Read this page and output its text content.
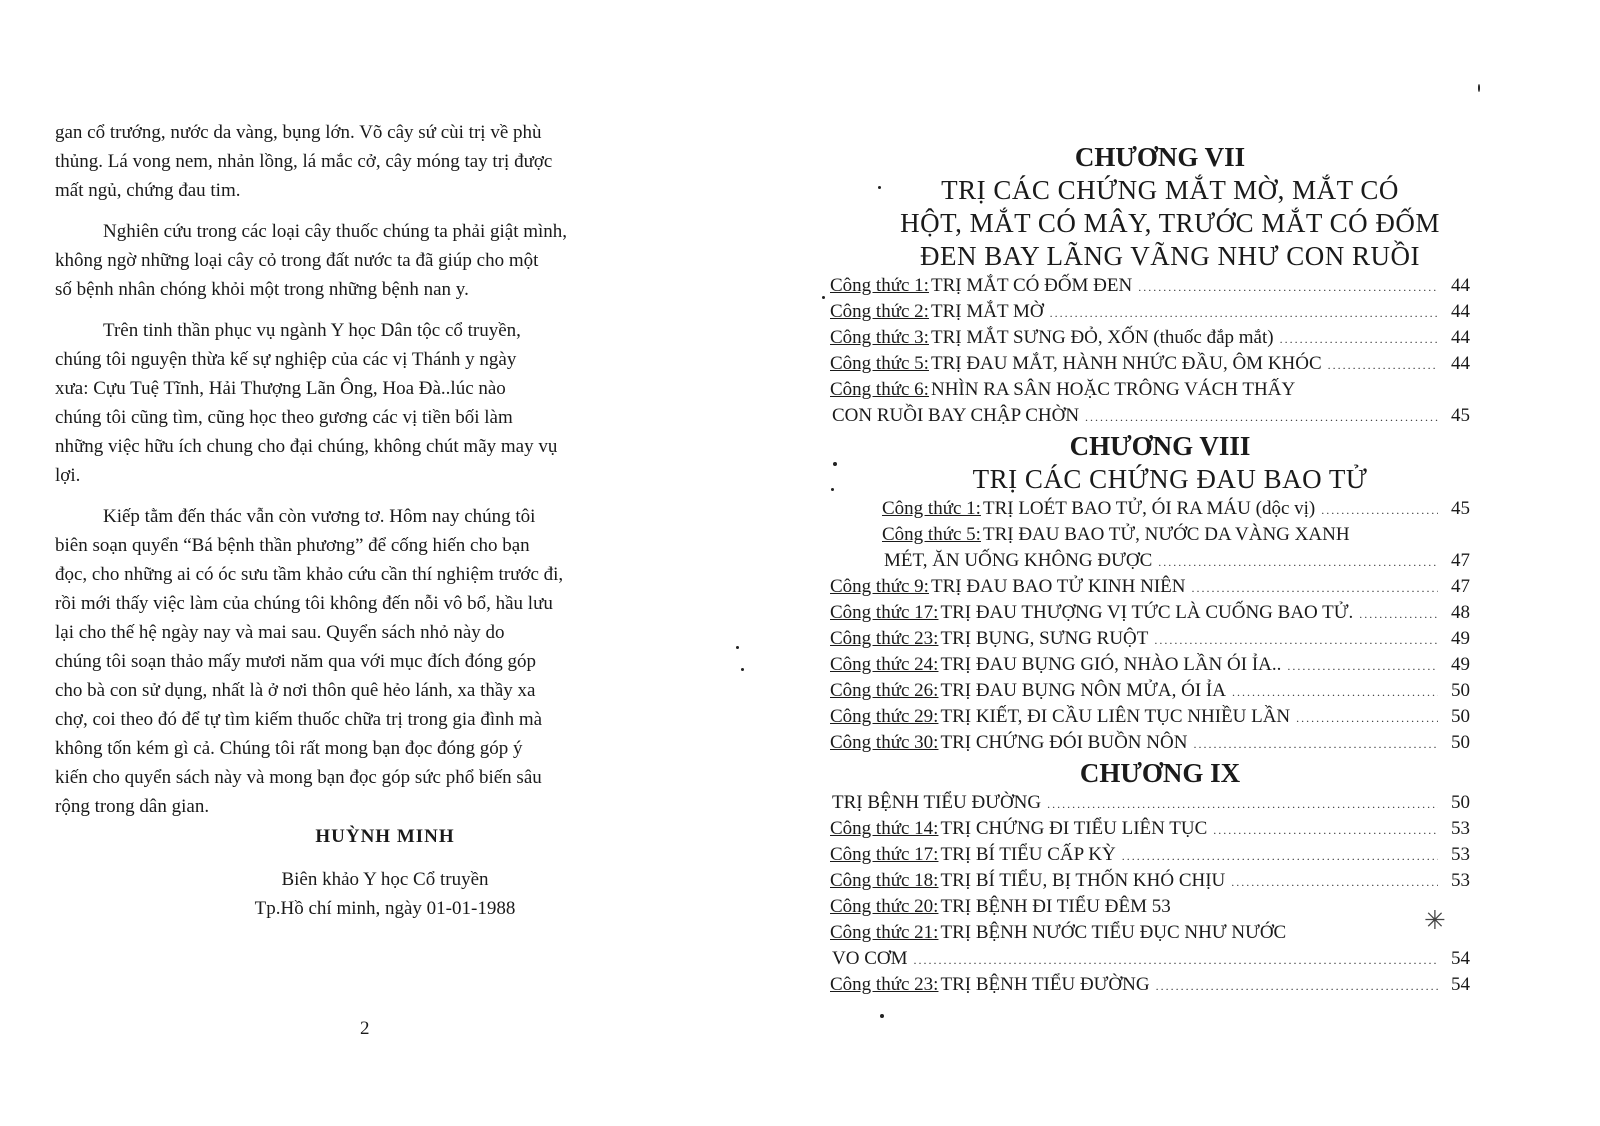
gan cổ trướng, nước da vàng, bụng lớn. Võ cây sứ cùi trị về phù
thủng. Lá vong nem, nhản lồng, lá mắc cở, cây móng tay trị được
mất ngủ, chứng đau tim.
Nghiên cứu trong các loại cây thuốc chúng ta phải giật mình,
không ngờ những loại cây cỏ trong đất nước ta đã giúp cho một
số bệnh nhân chóng khỏi một trong những bệnh nan y.
Trên tinh thần phục vụ ngành Y học Dân tộc cổ truyền,
chúng tôi nguyện thừa kế sự nghiệp của các vị Thánh y ngày
xưa: Cựu Tuệ Tĩnh, Hải Thượng Lãn Ông, Hoa Đà..lúc nào
chúng tôi cũng tìm, cũng học theo gương các vị tiền bối làm
những việc hữu ích chung cho đại chúng, không chút mãy may vụ
lợi.
Kiếp tằm đến thác vẫn còn vương tơ. Hôm nay chúng tôi
biên soạn quyển “Bá bệnh thần phương” để cống hiến cho bạn
đọc, cho những ai có óc sưu tầm khảo cứu cần thí nghiệm trước đi,
rồi mới thấy việc làm của chúng tôi không đến nỗi vô bổ, hầu lưu
lại cho thế hệ ngày nay và mai sau. Quyển sách nhỏ này do
chúng tôi soạn thảo mấy mươi năm qua với mục đích đóng góp
cho bà con sử dụng, nhất là ở nơi thôn quê hẻo lánh, xa thầy xa
chợ, coi theo đó để tự tìm kiếm thuốc chữa trị trong gia đình mà
không tốn kém gì cả. Chúng tôi rất mong bạn đọc đóng góp ý
kiến cho quyển sách này và mong bạn đọc góp sức phổ biến sâu
rộng trong dân gian.
HUỲNH MINH
Biên khảo Y học Cổ truyền
Tp.Hồ chí minh, ngày 01-01-1988
2
CHƯƠNG VII
TRỊ CÁC CHỨNG MẮT MỜ, MẮT CÓ
HỘT, MẮT CÓ MÂY, TRƯỚC MẮT CÓ ĐỐM
ĐEN BAY LÃNG VÃNG NHƯ CON RUỒI
Công thức 1: TRỊ MẮT CÓ ĐỐM ĐEN .....	44
Công thức 2: TRỊ MẮT MỜ .....	44
Công thức 3: TRỊ MẮT SƯNG ĐỎ, XỐN (thuốc đắp mắt) .....	44
Công thức 5: TRỊ ĐAU MẮT, HÀNH NHỨC ĐẦU, ÔM KHÓC .....	44
Công thức 6: NHÌN RA SÂN HOẶC TRÔNG VÁCH THẤY
CON RUỒI BAY CHẬP CHỜN .....	45
CHƯƠNG VIII
TRỊ CÁC CHỨNG ĐAU BAO TỬ
Công thức 1: TRỊ LOÉT BAO TỬ, ÓI RA MÁU (dộc vị) .....	45
Công thức 5: TRỊ ĐAU BAO TỬ, NƯỚC DA VÀNG XANH
MÉT, ĂN UỐNG KHÔNG ĐƯỢC .....	47
Công thức 9: TRỊ ĐAU BAO TỬ KINH NIÊN .....	47
Công thức 17: TRỊ ĐAU THƯỢNG VỊ TỨC LÀ CUỐNG BAO TỬ. .....	48
Công thức 23: TRỊ BỤNG, SƯNG RUỘT .....	49
Công thức 24: TRỊ ĐAU BỤNG GIÓ, NHÀO LẦN ÓI ỈA.. .....	49
Công thức 26: TRỊ ĐAU BỤNG NÔN MỬA, ÓI ỈA .....	50
Công thức 29: TRỊ KIẾT, ĐI CẦU LIÊN TỤC NHIỀU LẦN .....	50
Công thức 30: TRỊ CHỨNG ĐÓI BUỒN NÔN .....	50
CHƯƠNG IX
TRỊ BỆNH TIỂU ĐƯỜNG .....	50
Công thức 14: TRỊ CHỨNG ĐI TIỂU LIÊN TỤC .....	53
Công thức 17: TRỊ BÍ TIỂU CẤP KỲ .....	53
Công thức 18: TRỊ BÍ TIỂU, BỊ THỐN KHÓ CHỊU .....	53
Công thức 20: TRỊ BỆNH ĐI TIỂU ĐÊM 53
Công thức 21: TRỊ BỆNH NƯỚC TIỂU ĐỤC NHƯ NƯỚC
VO CƠM .....	54
Công thức 23: TRỊ BỆNH TIỂU ĐƯỜNG .....	54
✳
